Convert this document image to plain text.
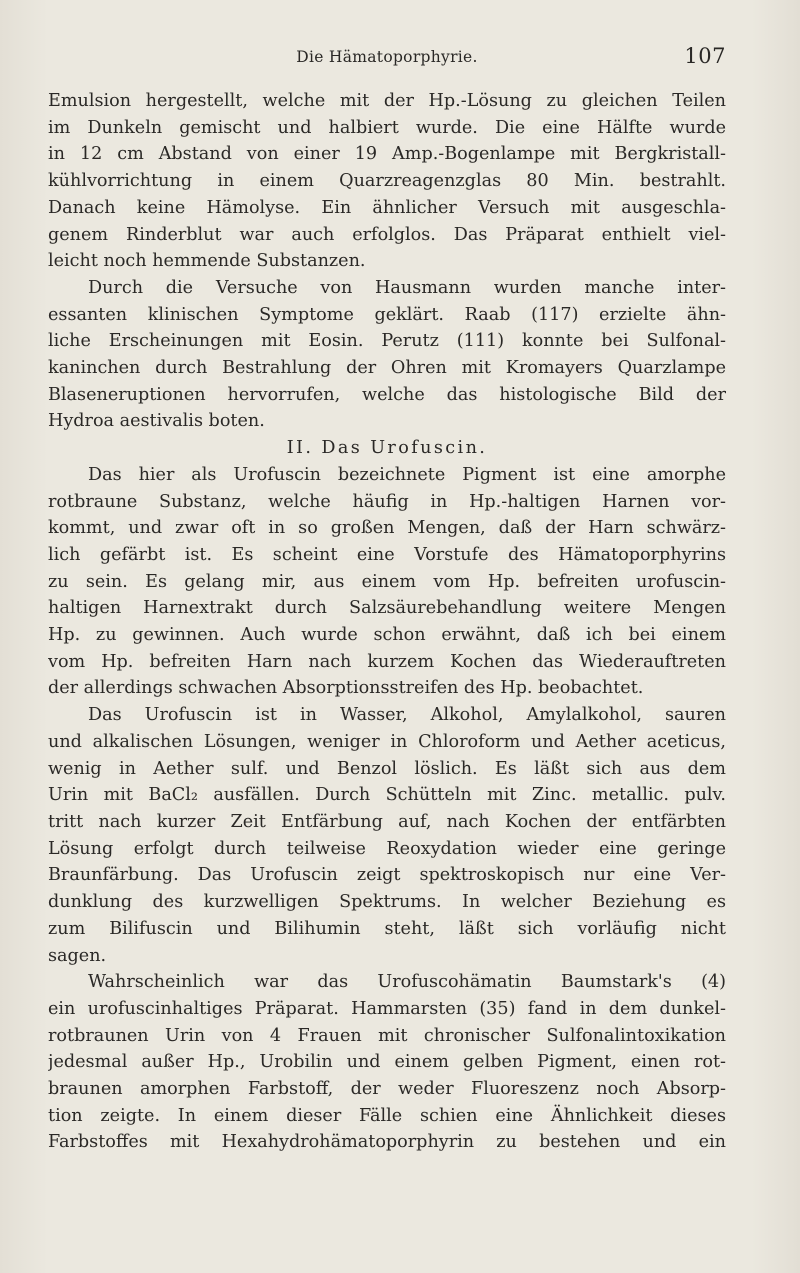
Die Hämatoporphyrie.	107
Emulsion hergestellt, welche mit der Hp.-Lösung zu gleichen Teilen
im Dunkeln gemischt und halbiert wurde. Die eine Hälfte wurde
in 12 cm Abstand von einer 19 Amp.-Bogenlampe mit Bergkristall-
kühlvorrichtung in einem Quarzreagenzglas 80 Min. bestrahlt.
Danach keine Hämolyse. Ein ähnlicher Versuch mit ausgeschla-
genem Rinderblut war auch erfolglos. Das Präparat enthielt viel-
leicht noch hemmende Substanzen.
Durch die Versuche von Hausmann wurden manche inter-
essanten klinischen Symptome geklärt. Raab (117) erzielte ähn-
liche Erscheinungen mit Eosin. Perutz (111) konnte bei Sulfonal-
kaninchen durch Bestrahlung der Ohren mit Kromayers Quarzlampe
Blaseneruptionen hervorrufen, welche das histologische Bild der
Hydroa aestivalis boten.
II. Das Urofuscin.
Das hier als Urofuscin bezeichnete Pigment ist eine amorphe
rotbraune Substanz, welche häufig in Hp.-haltigen Harnen vor-
kommt, und zwar oft in so großen Mengen, daß der Harn schwärz-
lich gefärbt ist. Es scheint eine Vorstufe des Hämatoporphyrins
zu sein. Es gelang mir, aus einem vom Hp. befreiten urofuscin-
haltigen Harnextrakt durch Salzsäurebehandlung weitere Mengen
Hp. zu gewinnen. Auch wurde schon erwähnt, daß ich bei einem
vom Hp. befreiten Harn nach kurzem Kochen das Wiederauftreten
der allerdings schwachen Absorptionsstreifen des Hp. beobachtet.
Das Urofuscin ist in Wasser, Alkohol, Amylalkohol, sauren
und alkalischen Lösungen, weniger in Chloroform und Aether aceticus,
wenig in Aether sulf. und Benzol löslich. Es läßt sich aus dem
Urin mit BaCl₂ ausfällen. Durch Schütteln mit Zinc. metallic. pulv.
tritt nach kurzer Zeit Entfärbung auf, nach Kochen der entfärbten
Lösung erfolgt durch teilweise Reoxydation wieder eine geringe
Braunfärbung. Das Urofuscin zeigt spektroskopisch nur eine Ver-
dunklung des kurzwelligen Spektrums. In welcher Beziehung es
zum Bilifuscin und Bilihumin steht, läßt sich vorläufig nicht
sagen.
Wahrscheinlich war das Urofuscohämatin Baumstark's (4)
ein urofuscinhaltiges Präparat. Hammarsten (35) fand in dem dunkel-
rotbraunen Urin von 4 Frauen mit chronischer Sulfonalintoxikation
jedesmal außer Hp., Urobilin und einem gelben Pigment, einen rot-
braunen amorphen Farbstoff, der weder Fluoreszenz noch Absorp-
tion zeigte. In einem dieser Fälle schien eine Ähnlichkeit dieses
Farbstoffes mit Hexahydrohämatoporphyrin zu bestehen und ein
